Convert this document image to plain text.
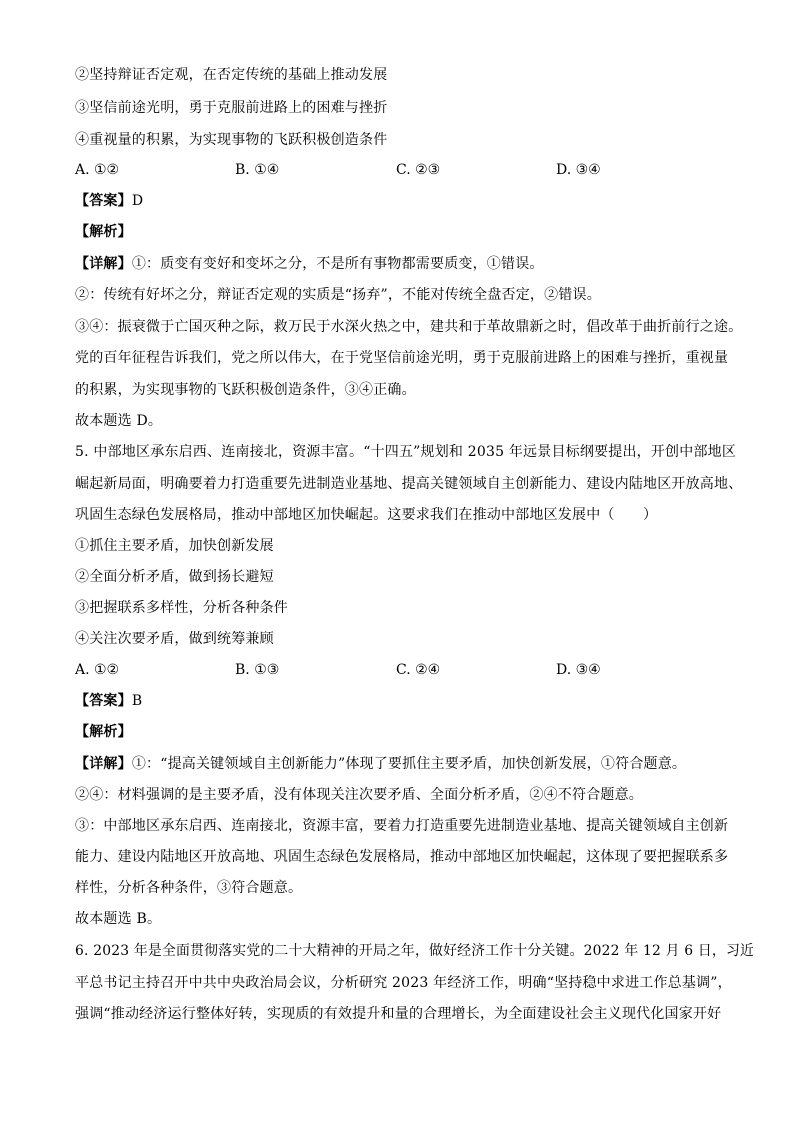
②坚持辩证否定观，在否定传统的基础上推动发展
③坚信前途光明，勇于克服前进路上的困难与挫折
④重视量的积累，为实现事物的飞跃积极创造条件
A. ①②	B. ①④	C. ②③	D. ③④
【答案】D
【解析】
【详解】①：质变有变好和变坏之分，不是所有事物都需要质变，①错误。
②：传统有好坏之分，辩证否定观的实质是“扬弃”，不能对传统全盘否定，②错误。
③④：振衰微于亡国灭种之际，救万民于水深火热之中，建共和于革故鼎新之时，倡改革于曲折前行之途。
党的百年征程告诉我们，党之所以伟大，在于党坚信前途光明，勇于克服前进路上的困难与挫折，重视量
的积累，为实现事物的飞跃积极创造条件，③④正确。
故本题选 D。
5. 中部地区承东启西、连南接北，资源丰富。“十四五”规划和 2035 年远景目标纲要提出，开创中部地区
崛起新局面，明确要着力打造重要先进制造业基地、提高关键领域自主创新能力、建设内陆地区开放高地、
巩固生态绿色发展格局，推动中部地区加快崛起。这要求我们在推动中部地区发展中（　　）
①抓住主要矛盾，加快创新发展
②全面分析矛盾，做到扬长避短
③把握联系多样性，分析各种条件
④关注次要矛盾，做到统筹兼顾
A. ①②	B. ①③	C. ②④	D. ③④
【答案】B
【解析】
【详解】①：“提高关键领域自主创新能力”体现了要抓住主要矛盾，加快创新发展，①符合题意。
②④：材料强调的是主要矛盾，没有体现关注次要矛盾、全面分析矛盾，②④不符合题意。
③：中部地区承东启西、连南接北，资源丰富，要着力打造重要先进制造业基地、提高关键领域自主创新
能力、建设内陆地区开放高地、巩固生态绿色发展格局，推动中部地区加快崛起，这体现了要把握联系多
样性，分析各种条件，③符合题意。
故本题选 B。
6. 2023 年是全面贯彻落实党的二十大精神的开局之年，做好经济工作十分关键。2022 年 12 月 6 日，习近
平总书记主持召开中共中央政治局会议，分析研究 2023 年经济工作，明确“坚持稳中求进工作总基调”，
强调“推动经济运行整体好转，实现质的有效提升和量的合理增长，为全面建设社会主义现代化国家开好
